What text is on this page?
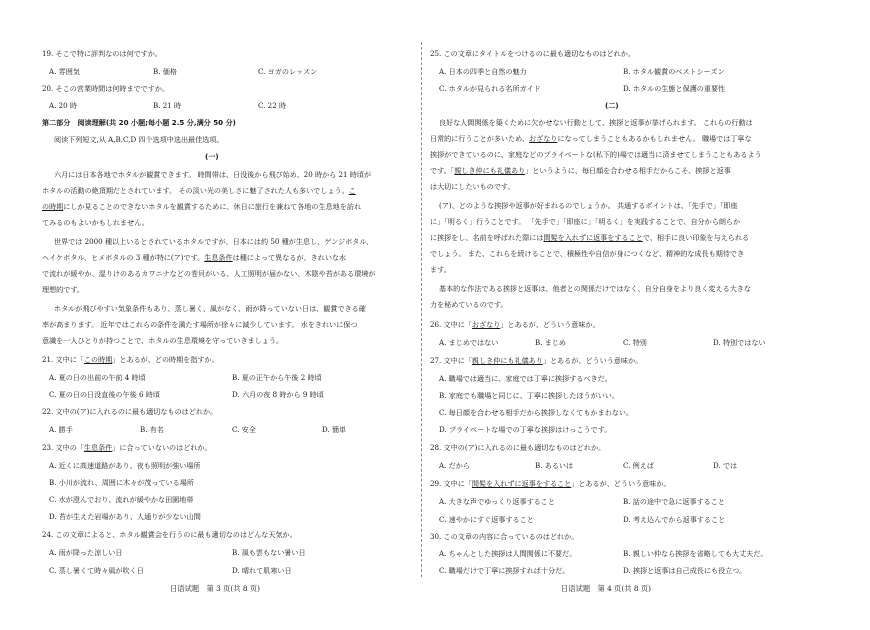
19. そこで特に評判なのは何ですか。
A. 雰囲気	B. 価格	C. ヨガのレッスン
20. そこの営業時間は何時までですか。
A. 20 時	B. 21 時	C. 22 時
第二部分　阅读理解(共 20 小题;每小题 2.5 分,满分 50 分)
阅读下列短文,从 A,B,C,D 四个选项中选出最佳选项。
(一)
六月には日本各地でホタルが観賞できます。 時間帯は、日没後から飛び始め、20 時から 21 時頃が
ホタルの活動の絶頂期だとされています。 その淡い光の美しさに魅了された人も多いでしょう。こ
の時期にしか見ることのできないホタルを観賞するために、休日に旅行を兼ねて各地の生息地を訪れ
てみるのもよいかもしれません。
世界では 2000 種以上いるとされているホタルですが、日本には約 50 種が生息し、ゲンジボタル、
ヘイケボタル、ヒメボタルの 3 種が特に(ア)です。生息条件は種によって異なるが、きれいな水
で流れが緩やか、湿りけのあるカワニナなどの巻貝がいる、人工照明が届かない、木陰や苔がある環境が
理想的です。
ホタルが飛びやすい気象条件もあり、蒸し暑く、風がなく、雨が降っていない日は、観賞できる確
率が高まります。 近年ではこれらの条件を満たす場所が徐々に減少しています。 水をきれいに保つ
意識を一人ひとりが持つことで、ホタルの生息環境を守っていきましょう。
21. 文中に「この時期」とあるが、どの時期を指すか。
A. 夏の日の出前の午前 4 時頃	B. 夏の正午から午後 2 時頃
C. 夏の日の日没直後の午後 6 時頃	D. 六月の夜 8 時から 9 時頃
22. 文中の(ア)に入れるのに最も適切なものはどれか。
A. 勝手	B. 有名	C. 安全	D. 簡単
23. 文中の「生息条件」に合っていないのはどれか。
A. 近くに高速道路があり、夜も照明が強い場所
B. 小川が流れ、周囲に木々が茂っている場所
C. 水が澄んでおり、流れが緩やかな田園地帯
D. 苔が生えた岩場があり、人通りが少ない山間
24. この文章によると、ホタル観賞会を行うのに最も適切なのはどんな天気か。
A. 雨が降った涼しい日	B. 風も雲もない暑い日
C. 蒸し暑くて時々風が吹く日	D. 晴れて肌寒い日
日语试题　第 3 页(共 8 页)
25. この文章にタイトルをつけるのに最も適切なものはどれか。
A. 日本の四季と自然の魅力	B. ホタル観賞のベストシーズン
C. ホタルが見られる名所ガイド	D. ホタルの生態と保護の重要性
(二)
良好な人間関係を築くために欠かせない行動として、挨拶と返事が挙げられます。 これらの行動は
日常的に行うことが多いため、おざなりになってしまうこともあるかもしれません。 職場では丁寧な
挨拶ができているのに、家庭などのプライベートな(私下的)場では適当に済ませてしまうこともあるよう
です。「親しき仲にも礼儀あり」というように、毎日顔を合わせる相手だからこそ、挨拶と返事
は大切にしたいものです。
(ア)、どのような挨拶や返事が好まれるのでしょうか。 共通するポイントは、「先手で」「即座
に」「明るく」行うことです。 「先手で」「即座に」「明るく」を実践することで、自分から朗らか
に挨拶をし、名前を呼ばれた際には間髪を入れずに返事をすることで、相手に良い印象を与えられる
でしょう。 また、これらを続けることで、積極性や自信が身につくなど、精神的な成長も期待でき
ます。
基本的な作法である挨拶と返事は、他者との関係だけではなく、自分自身をより良く変える大きな
力を秘めているのです。
26. 文中に「おざなり」とあるが、どういう意味か。
A. まじめではない	B. まじめ	C. 特別	D. 特別ではない
27. 文中に「親しき仲にも礼儀あり」とあるが、どういう意味か。
A. 職場では適当に、家庭では丁寧に挨拶するべきだ。
B. 家庭でも職場と同じに、丁寧に挨拶したほうがいい。
C. 毎日顔を合わせる相手だから挨拶しなくてもかまわない。
D. プライベートな場での丁寧な挨拶はけっこうです。
28. 文中の(ア)に入れるのに最も適切なものはどれか。
A. だから	B. あるいは	C. 例えば	D. では
29. 文中に「間髪を入れずに返事をすること」とあるが、どういう意味か。
A. 大きな声でゆっくり返事すること	B. 話の途中で急に返事すること
C. 速やかにすぐ返事すること	D. 考え込んでから返事すること
30. この文章の内容に合っているのはどれか。
A. ちゃんとした挨拶は人間関係に不要だ。	B. 親しい仲なら挨拶を省略しても大丈夫だ。
C. 職場だけで丁寧に挨拶すれば十分だ。	D. 挨拶と返事は自己成長にも役立つ。
日语试题　第 4 页(共 8 页)
